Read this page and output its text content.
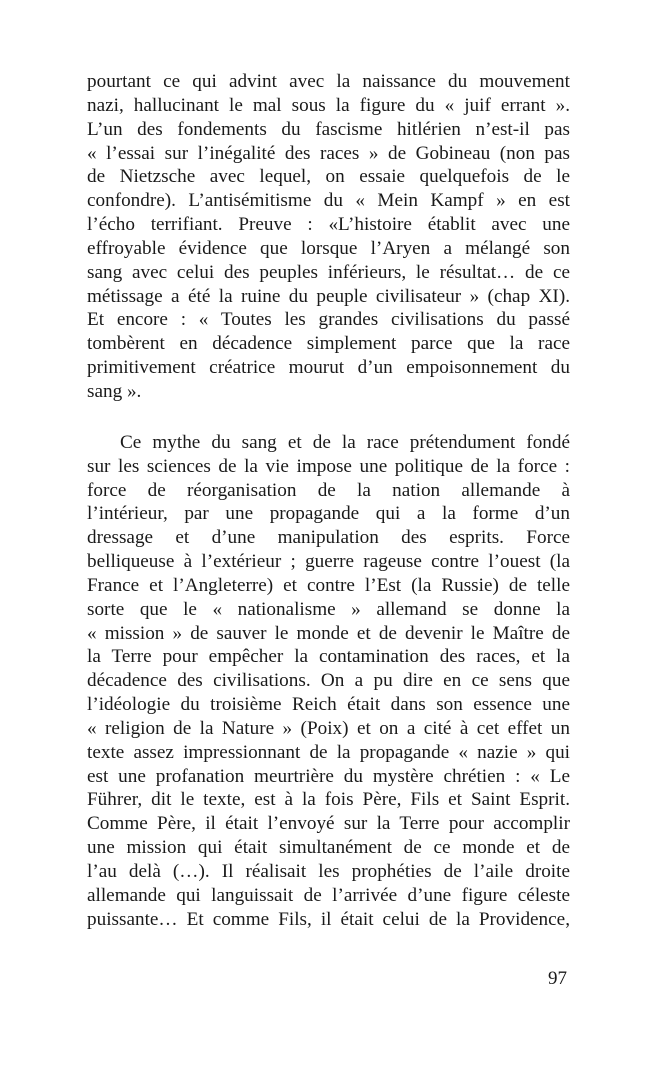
pourtant ce qui advint avec la naissance du mouvement
nazi, hallucinant le mal sous la figure du « juif errant ».
L’un des fondements du fascisme hitlérien n’est-il pas
« l’essai sur l’inégalité des races » de Gobineau (non pas
de Nietzsche avec lequel, on essaie quelquefois de le
confondre). L’antisémitisme du « Mein Kampf » en est
l’écho terrifiant. Preuve : «L’histoire établit avec une
effroyable évidence que lorsque l’Aryen a mélangé son
sang avec celui des peuples inférieurs, le résultat… de ce
métissage a été la ruine du peuple civilisateur » (chap XI).
Et encore : « Toutes les grandes civilisations du passé
tombèrent en décadence simplement parce que la race
primitivement créatrice mourut d’un empoisonnement du
sang ».
Ce mythe du sang et de la race prétendument fondé
sur les sciences de la vie impose une politique de la force :
force de réorganisation de la nation allemande à
l’intérieur, par une propagande qui a la forme d’un
dressage et d’une manipulation des esprits. Force
belliqueuse à l’extérieur ; guerre rageuse contre l’ouest (la
France et l’Angleterre) et contre l’Est (la Russie) de telle
sorte que le « nationalisme » allemand se donne la
« mission » de sauver le monde et de devenir le Maître de
la Terre pour empêcher la contamination des races, et la
décadence des civilisations. On a pu dire en ce sens que
l’idéologie du troisième Reich était dans son essence une
« religion de la Nature » (Poix) et on a cité à cet effet un
texte assez impressionnant de la propagande « nazie » qui
est une profanation meurtrière du mystère chrétien : « Le
Führer, dit le texte, est à la fois Père, Fils et Saint Esprit.
Comme Père, il était l’envoyé sur la Terre pour accomplir
une mission qui était simultanément de ce monde et de
l’au delà (…). Il réalisait les prophéties de l’aile droite
allemande qui languissait de l’arrivée d’une figure céleste
puissante… Et comme Fils, il était celui de la Providence,
97
